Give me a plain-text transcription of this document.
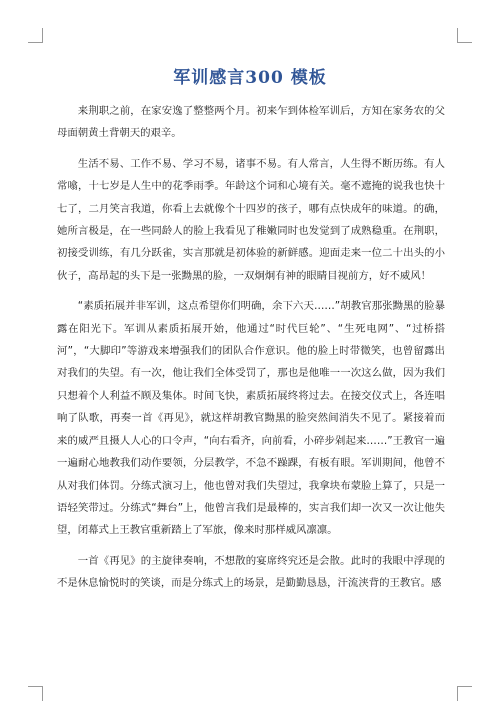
军训感言300 模板

来荆职之前，在家安逸了整整两个月。初来乍到体检军训后，方知在家务农的父母面朝黄土背朝天的艰辛。

生活不易、工作不易、学习不易，诸事不易。有人常言，人生得不断历练。有人常噏，十七岁是人生中的花季雨季。年龄这个词和心境有关。毫不遮掩的说我也快十七了，二月笑言我道，你看上去就像个十四岁的孩子，哪有点快成年的味道。的确，她所言极是，在一些同龄人的脸上我看见了稚嫩同时也发觉到了成熟稳重。在荆职，初接受训练，有几分跃雀，实言那就是初体验的新鲜感。迎面走来一位二十出头的小伙子，高昂起的头下是一张黝黑的脸，一双炯炯有神的眼睛目视前方，好不威风！

“素质拓展并非军训，这点希望你们明确，余下六天……”胡教官那张黝黑的脸暴露在阳光下。军训从素质拓展开始，他通过“时代巨轮”、“生死电网”、“过桥搭河”，“大脚印”等游戏来增强我们的团队合作意识。他的脸上时带微笑，也曾留露出对我们的失望。有一次，他让我们全体受罚了，那也是他唯一一次这么做，因为我们只想着个人利益不顾及集体。时间飞快，素质拓展终将过去。在接交仪式上，各连唱响了队歌，再奏一首《再见》，就这样胡教官黝黑的脸突然间消失不见了。紧接着而来的威严且摄人人心的口令声，“向右看齐，向前看，小碎步剁起来……”王教官一遍一遍耐心地教我们动作要领，分层教学，不急不躁踝，有板有眼。军训期间，他曾不从对我们体罚。分练式演习上，他也曾对我们失望过，我拿块布蒙脸上算了，只是一语轻笑带过。分练式“舞台”上，他曾言我们是最棒的，实言我们却一次又一次让他失望，闭幕式上王教官重新踏上了军旅，像来时那样威风凛凛。

一首《再见》的主旋律奏响，不想散的宴席终究还是会散。此时的我眼中浮现的不是休息愉悦时的笑谈，而是分练式上的场景，是勤勤恳恳，汗流浃背的王教官。感
